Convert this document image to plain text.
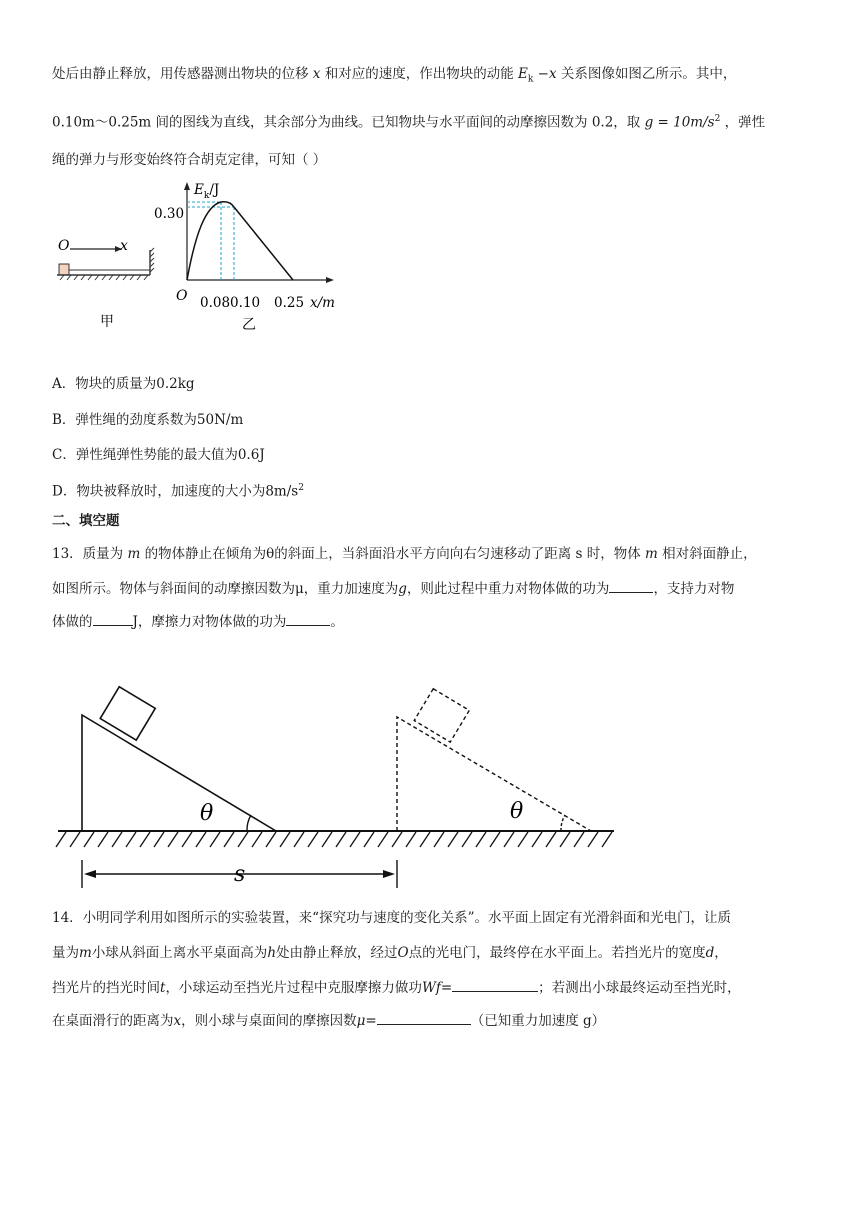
处后由静止释放，用传感器测出物块的位移 x 和对应的速度，作出物块的动能 $E_k -x$ 关系图像如图乙所示。其中，
0.10m～0.25m 间的图线为直线，其余部分为曲线。已知物块与水平面间的动摩擦因数为 0.2，取 $g = 10m/s^2$ ，弹性
绳的弹力与形变始终符合胡克定律，可知（ ）
O	x
甲
$E_k/J$
0.30
O 0.080.10 0.25 x/m
乙
A．物块的质量为0.2kg
B．弹性绳的劲度系数为50N/m
C．弹性绳弹性势能的最大值为0.6J
D．物块被释放时，加速度的大小为$8m/s^2$
二、填空题
13．质量为 m 的物体静止在倾角为θ的斜面上，当斜面沿水平方向向右匀速移动了距离 s 时，物体 m 相对斜面静止，
如图所示。物体与斜面间的动摩擦因数为μ，重力加速度为g，则此过程中重力对物体做的功为	，支持力对物
体做的	J，摩擦力对物体做的功为	。
θ	θ
s
14．小明同学利用如图所示的实验装置，来“探究功与速度的变化关系”。水平面上固定有光滑斜面和光电门，让质
量为m小球从斜面上离水平桌面高为h处由静止释放，经过O点的光电门，最终停在水平面上。若挡光片的宽度d，
挡光片的挡光时间t，小球运动至挡光片过程中克服摩擦力做功Wf=	；若测出小球最终运动至挡光时，
在桌面滑行的距离为x，则小球与桌面间的摩擦因数μ=	（已知重力加速度 g）
